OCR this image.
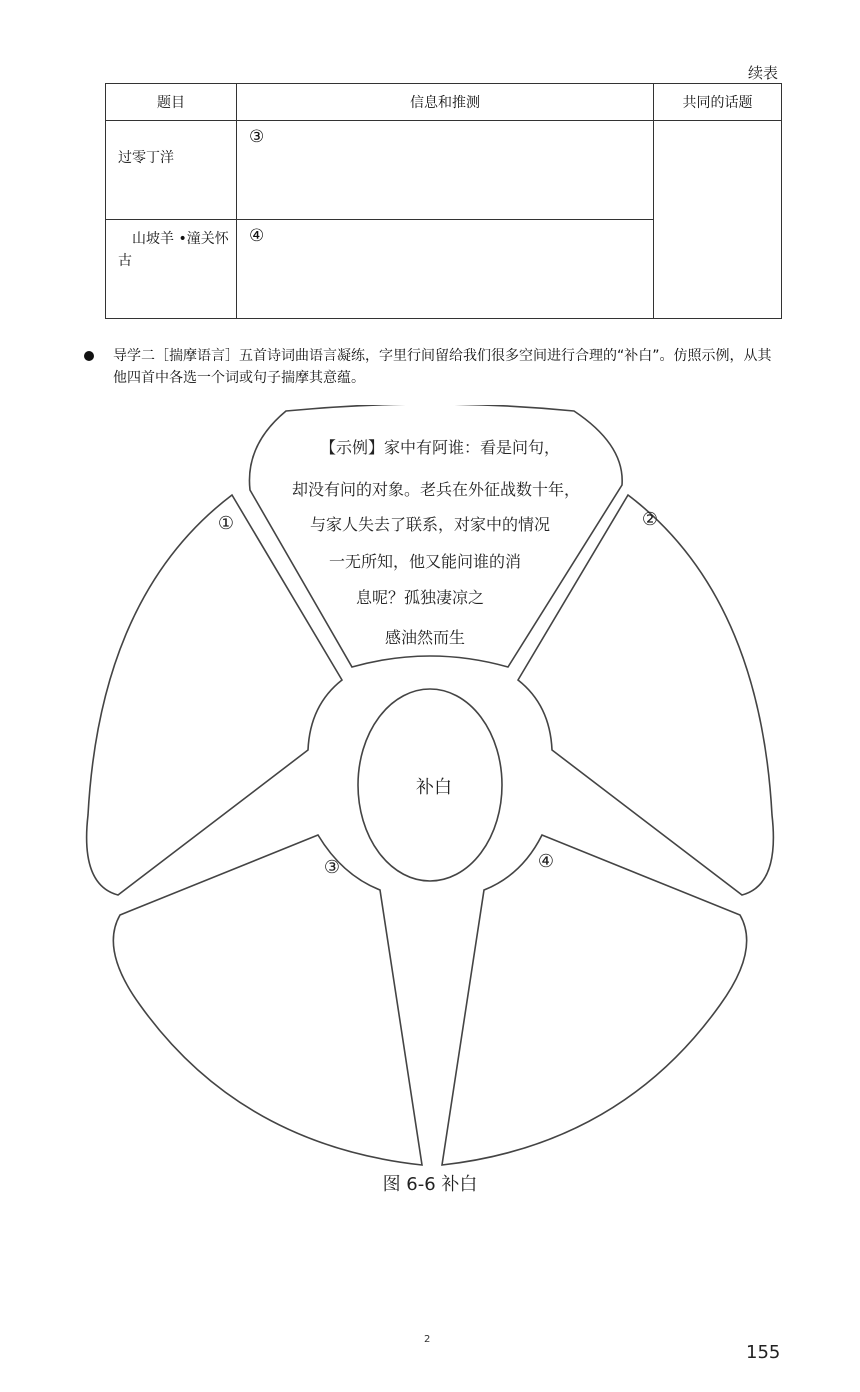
续表
题目	信息和推测	共同的话题
过零丁洋	③	
山坡羊 •潼关怀古	④	
导学二［揣摩语言］五首诗词曲语言凝练，字里行间留给我们很多空间进行合理的“补白”。仿照示例，从其他四首中各选一个词或句子揣摩其意蕴。
【示例】家中有阿谁：看是问句，
却没有问的对象。老兵在外征战数十年，
与家人失去了联系，对家中的情况
一无所知，他又能问谁的消
息呢？孤独凄凉之
感油然而生
补白
①	②
③	④
图 6-6 补白
2
155
